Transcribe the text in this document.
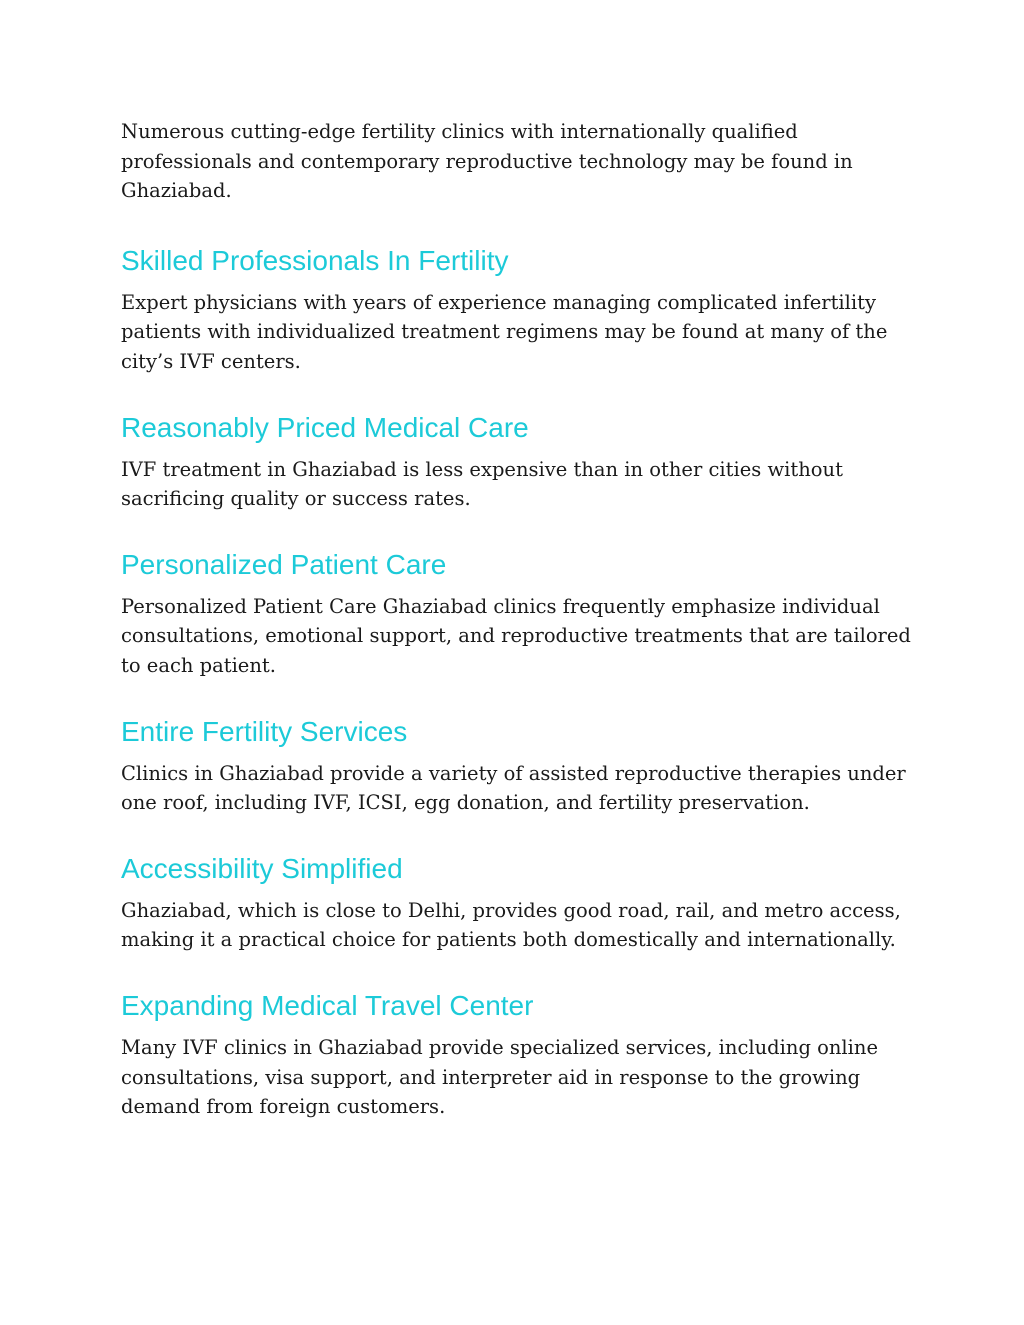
Numerous cutting-edge fertility clinics with internationally qualified professionals and contemporary reproductive technology may be found in Ghaziabad.

Skilled Professionals In Fertility

Expert physicians with years of experience managing complicated infertility patients with individualized treatment regimens may be found at many of the city’s IVF centers.

Reasonably Priced Medical Care

IVF treatment in Ghaziabad is less expensive than in other cities without sacrificing quality or success rates.

Personalized Patient Care

Personalized Patient Care Ghaziabad clinics frequently emphasize individual consultations, emotional support, and reproductive treatments that are tailored to each patient.

Entire Fertility Services

Clinics in Ghaziabad provide a variety of assisted reproductive therapies under one roof, including IVF, ICSI, egg donation, and fertility preservation.

Accessibility Simplified

Ghaziabad, which is close to Delhi, provides good road, rail, and metro access, making it a practical choice for patients both domestically and internationally.

Expanding Medical Travel Center

Many IVF clinics in Ghaziabad provide specialized services, including online consultations, visa support, and interpreter aid in response to the growing demand from foreign customers.
